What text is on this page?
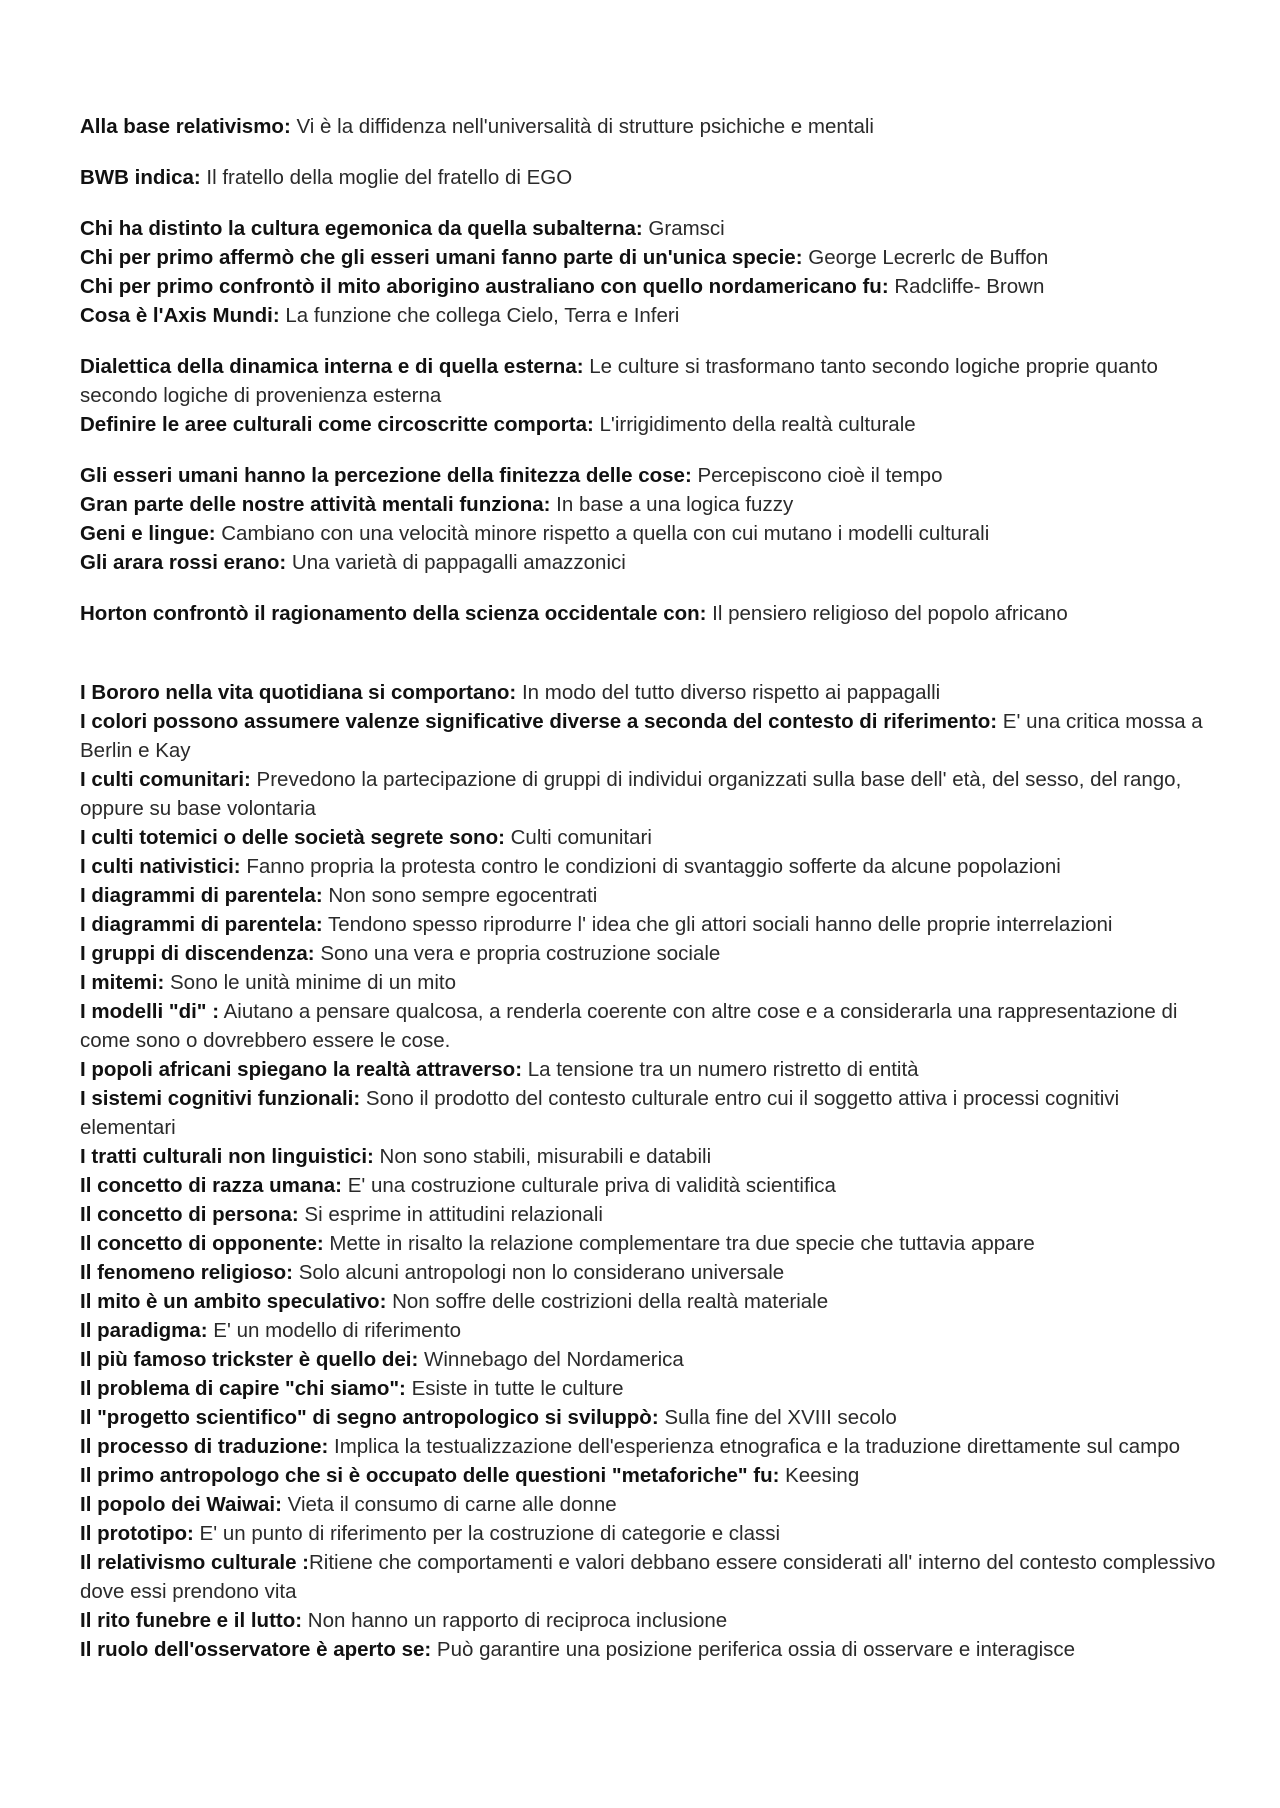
Alla base relativismo: Vi è la diffidenza nell'universalità di strutture psichiche e mentali

BWB indica: Il fratello della moglie del fratello di EGO

Chi ha distinto la cultura egemonica da quella subalterna: Gramsci

Chi per primo affermò che gli esseri umani fanno parte di un'unica specie: George Lecrerlc de Buffon

Chi per primo confrontò il mito aborigino australiano con quello nordamericano fu: Radcliffe- Brown

Cosa è l'Axis Mundi: La funzione che collega Cielo, Terra e Inferi

Dialettica della dinamica interna e di quella esterna: Le culture si trasformano tanto secondo logiche proprie quanto secondo logiche di provenienza esterna

Definire le aree culturali come circoscritte comporta: L'irrigidimento della realtà culturale

Gli esseri umani hanno la percezione della finitezza delle cose: Percepiscono cioè il tempo

Gran parte delle nostre attività mentali funziona: In base a una logica fuzzy

Geni e lingue: Cambiano con una velocità minore rispetto a quella con cui mutano i modelli culturali

Gli arara rossi erano: Una varietà di pappagalli amazzonici

Horton confrontò il ragionamento della scienza occidentale con: Il pensiero religioso del popolo africano

I Bororo nella vita quotidiana si comportano: In modo del tutto diverso rispetto ai pappagalli

I colori possono assumere valenze significative diverse a seconda del contesto di riferimento: E' una critica mossa a Berlin e Kay

I culti comunitari: Prevedono la partecipazione di gruppi di individui organizzati sulla base dell' età, del sesso, del rango, oppure su base volontaria

I culti totemici o delle società segrete sono: Culti comunitari

I culti nativistici: Fanno propria la protesta contro le condizioni di svantaggio sofferte da alcune popolazioni

I diagrammi di parentela: Non sono sempre egocentrati

I diagrammi di parentela: Tendono spesso riprodurre l' idea che gli attori sociali hanno delle proprie interrelazioni

I gruppi di discendenza: Sono una vera e propria costruzione sociale

I mitemi: Sono le unità minime di un mito

I modelli "di" : Aiutano a pensare qualcosa, a renderla coerente con altre cose e a considerarla una rappresentazione di come sono o dovrebbero essere le cose.

I popoli africani spiegano la realtà attraverso: La tensione tra un numero ristretto di entità

I sistemi cognitivi funzionali: Sono il prodotto del contesto culturale entro cui il soggetto attiva i processi cognitivi elementari

I tratti culturali non linguistici: Non sono stabili, misurabili e databili

Il concetto di razza umana: E' una costruzione culturale priva di validità scientifica

Il concetto di persona: Si esprime in attitudini relazionali

Il concetto di opponente: Mette in risalto la relazione complementare tra due specie che tuttavia appare

Il fenomeno religioso: Solo alcuni antropologi non lo considerano universale

Il mito è un ambito speculativo: Non soffre delle costrizioni della realtà materiale

Il paradigma: E' un modello di riferimento

Il più famoso trickster è quello dei: Winnebago del Nordamerica

Il problema di capire "chi siamo": Esiste in tutte le culture

Il "progetto scientifico" di segno antropologico si sviluppò: Sulla fine del XVIII secolo

Il processo di traduzione: Implica la testualizzazione dell'esperienza etnografica e la traduzione direttamente sul campo

Il primo antropologo che si è occupato delle questioni "metaforiche" fu: Keesing

Il popolo dei Waiwai: Vieta il consumo di carne alle donne

Il prototipo: E' un punto di riferimento per la costruzione di categorie e classi

Il relativismo culturale :Ritiene che comportamenti e valori debbano essere considerati all' interno del contesto complessivo dove essi prendono vita

Il rito funebre e il lutto: Non hanno un rapporto di reciproca inclusione

Il ruolo dell'osservatore è aperto se: Può garantire una posizione periferica ossia di osservare e interagisce
